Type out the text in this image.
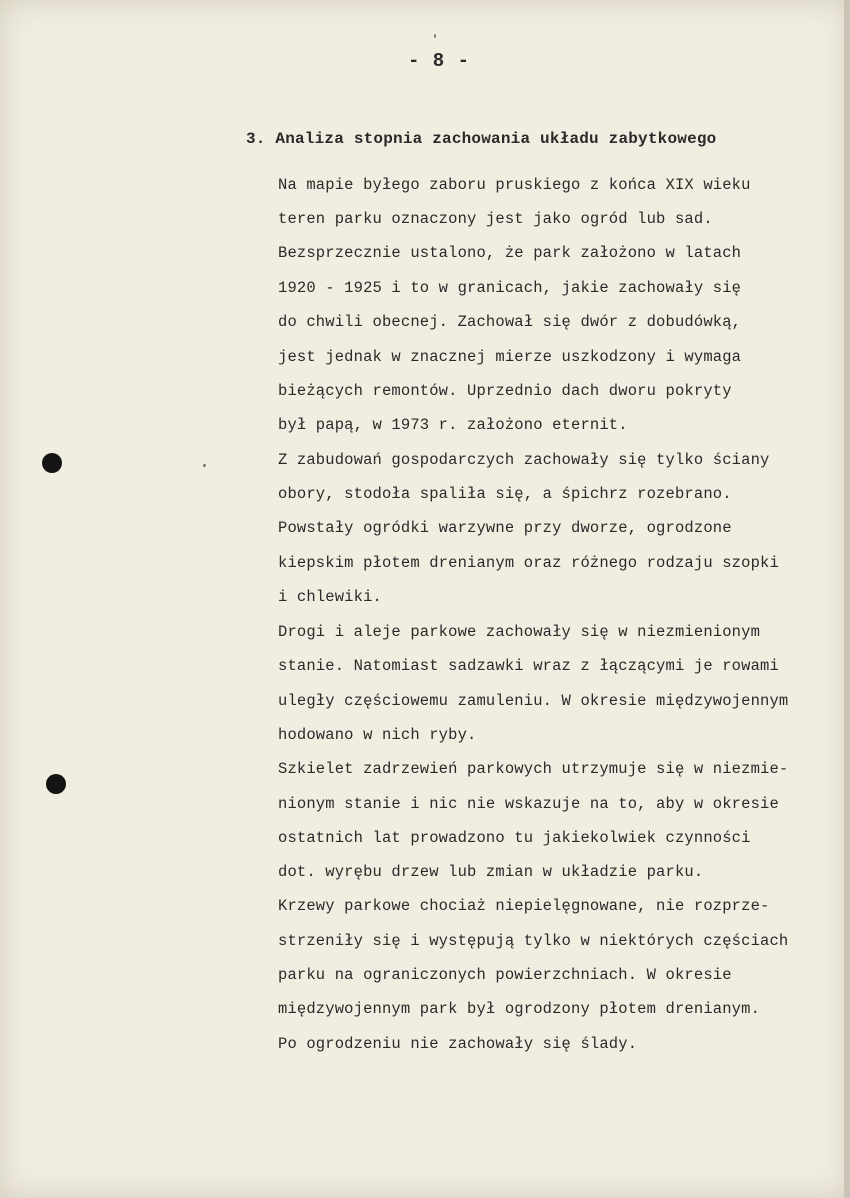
- 8 -
3. Analiza stopnia zachowania układu zabytkowego
Na mapie byłego zaboru pruskiego z końca XIX wieku
teren parku oznaczony jest jako ogród lub sad.
Bezsprzecznie ustalono, że park założono w latach
1920 - 1925 i to w granicach, jakie zachowały się
do chwili obecnej. Zachował się dwór z dobudówką,
jest jednak w znacznej mierze uszkodzony i wymaga
bieżących remontów. Uprzednio dach dworu pokryty
był papą, w 1973 r. założono eternit.
Z zabudowań gospodarczych zachowały się tylko ściany
obory, stodoła spaliła się, a śpichrz rozebrano.
Powstały ogródki warzywne przy dworze, ogrodzone
kiepskim płotem drenianym oraz różnego rodzaju szopki
i chlewiki.
Drogi i aleje parkowe zachowały się w niezmienionym
stanie. Natomiast sadzawki wraz z łączącymi je rowami
uległy częściowemu zamuleniu. W okresie międzywojennym
hodowano w nich ryby.
Szkielet zadrzewień parkowych utrzymuje się w niezmie-
nionym stanie i nic nie wskazuje na to, aby w okresie
ostatnich lat prowadzono tu jakiekolwiek czynności
dot. wyrębu drzew lub zmian w układzie parku.
Krzewy parkowe chociaż niepielęgnowane, nie rozprze-
strzeniły się i występują tylko w niektórych częściach
parku na ograniczonych powierzchniach. W okresie
międzywojennym park był ogrodzony płotem drenianym.
Po ogrodzeniu nie zachowały się ślady.
